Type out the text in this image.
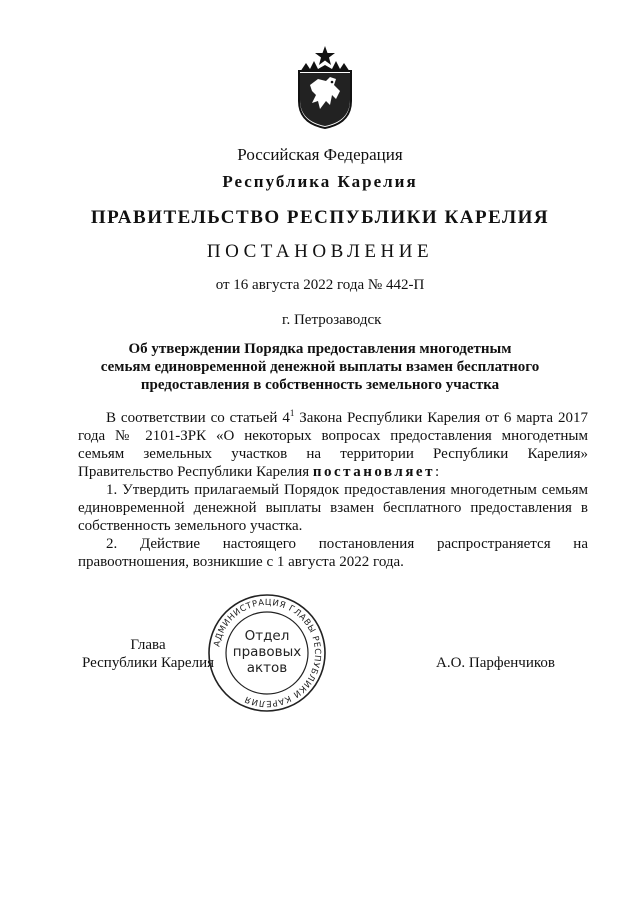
Российская Федерация
Республика Карелия
ПРАВИТЕЛЬСТВО РЕСПУБЛИКИ КАРЕЛИЯ
ПОСТАНОВЛЕНИЕ
от 16 августа 2022 года № 442-П
г. Петрозаводск
Об утверждении Порядка предоставления многодетным
семьям единовременной денежной выплаты взамен бесплатного
предоставления в собственность земельного участка

В соответствии со статьей $4^1$ Закона Республики Карелия от 6 марта 2017 года № 2101-ЗРК «О некоторых вопросах предоставления многодетным семьям земельных участков на территории Республики Карелия» Правительство Республики Карелия постановляет:

1. Утвердить прилагаемый Порядок предоставления многодетным семьям единовременной денежной выплаты взамен бесплатного предоставления в собственность земельного участка.

2. Действие настоящего постановления распространяется на правоотношения, возникшие с 1 августа 2022 года.

Глава
Республики Карелия	А.О. Парфенчиков
АДМИНИСТРАЦИЯ ГЛАВЫ РЕСПУБЛИКИ КАРЕЛИЯ
Отдел
правовых
актов
